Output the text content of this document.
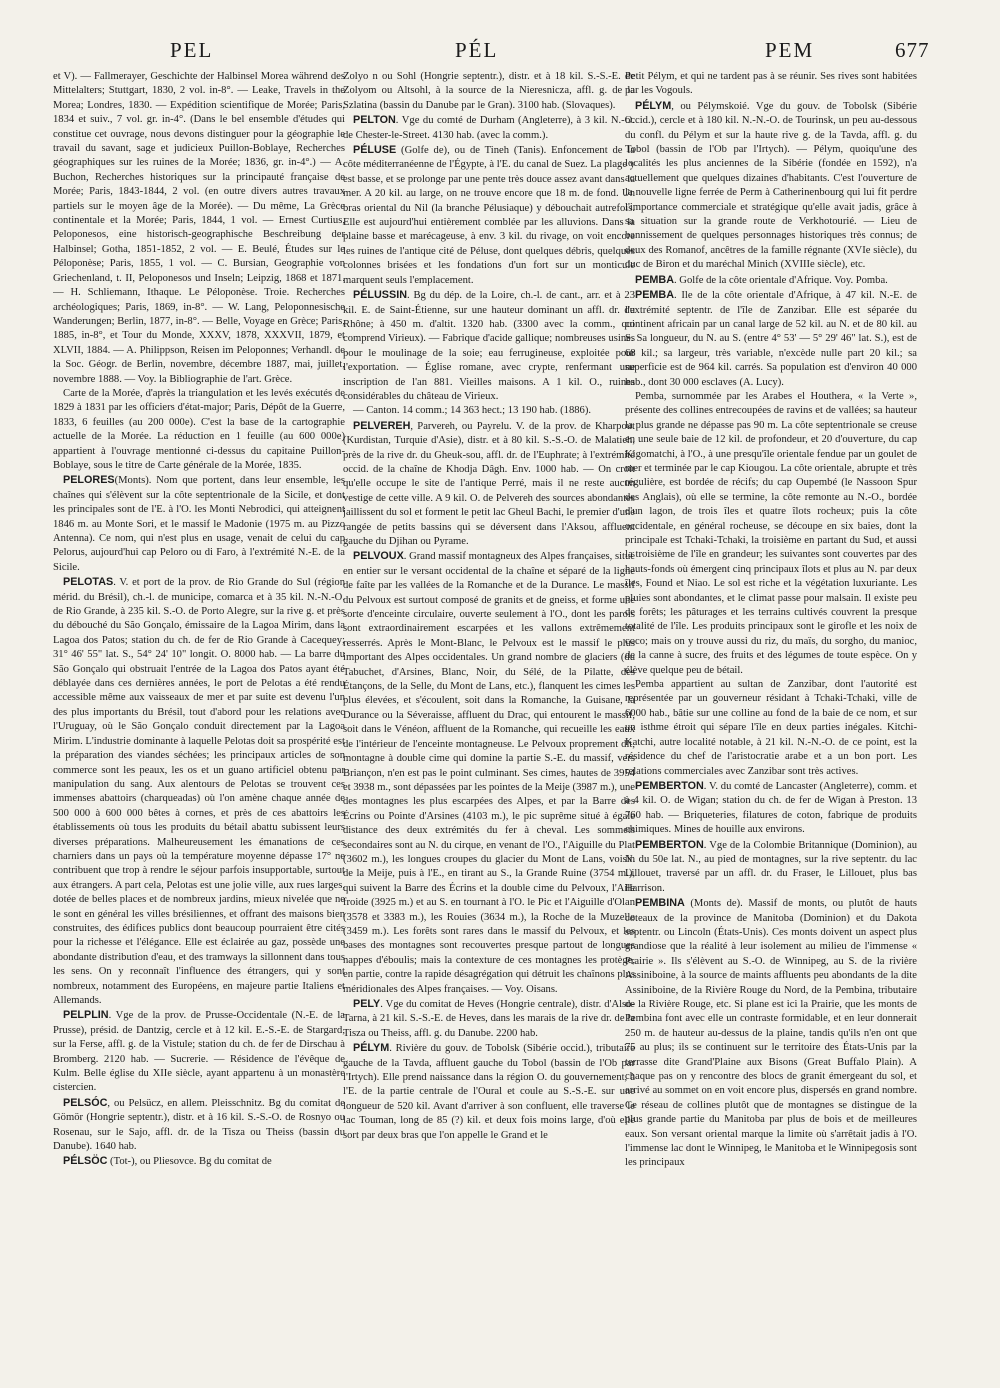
PEL	PÉL	PEM	677

et V). — Fallmerayer, Geschichte der Halbinsel Morea während des Mittelalters; Stuttgart, 1830, 2 vol. in-8°. — Leake, Travels in the Morea; Londres, 1830. — Expédition scientifique de Morée; Paris, 1834 et suiv., 7 vol. gr. in-4°. (Dans le bel ensemble d'études qui constitue cet ouvrage, nous devons distinguer pour la géographie le travail du savant, sage et judicieux Puillon-Boblaye, Recherches géographiques sur les ruines de la Morée; 1836, gr. in-4°.) — A. Buchon, Recherches historiques sur la principauté française de Morée; Paris, 1843-1844, 2 vol. (en outre divers autres travaux partiels sur le moyen âge de la Morée). — Du même, La Grèce continentale et la Morée; Paris, 1844, 1 vol. — Ernest Curtius, Peloponesos, eine historisch-geographische Beschreibung der Halbinsel; Gotha, 1851-1852, 2 vol. — E. Beulé, Études sur le Péloponèse; Paris, 1855, 1 vol. — C. Bursian, Geographie von Griechenland, t. II, Peloponesos und Inseln; Leipzig, 1868 et 1871. — H. Schliemann, Ithaque. Le Péloponèse. Troie. Recherches archéologiques; Paris, 1869, in-8°. — W. Lang, Peloponnesische Wanderungen; Berlin, 1877, in-8°. — Belle, Voyage en Grèce; Paris, 1885, in-8°, et Tour du Monde, XXXV, 1878, XXXVII, 1879, et XLVII, 1884. — A. Philippson, Reisen im Peloponnes; Verhandl. de la Soc. Géogr. de Berlin, novembre, décembre 1887, mai, juillet, novembre 1888. — Voy. la Bibliographie de l'art. Grèce.

Carte de la Morée, d'après la triangulation et les levés exécutés de 1829 à 1831 par les officiers d'état-major; Paris, Dépôt de la Guerre, 1833, 6 feuilles (au 200 000e). C'est la base de la cartographie actuelle de la Morée. La réduction en 1 feuille (au 600 000e) appartient à l'ouvrage mentionné ci-dessus du capitaine Puillon-Boblaye, sous le titre de Carte générale de la Morée, 1835.

PELORES(Monts). Nom que portent, dans leur ensemble, les chaînes qui s'élèvent sur la côte septentrionale de la Sicile, et dont les principales sont de l'E. à l'O. les Monti Nebrodici, qui atteignent 1846 m. au Monte Sori, et le massif le Madonie (1975 m. au Pizzo Antenna). Ce nom, qui n'est plus en usage, venait de celui du cap Pelorus, aujourd'hui cap Peloro ou di Faro, à l'extrémité N.-E. de la Sicile.

PELOTAS. V. et port de la prov. de Rio Grande do Sul (région mérid. du Brésil), ch.-l. de municipe, comarca et à 35 kil. N.-N.-O. de Rio Grande, à 235 kil. S.-O. de Porto Alegre, sur la rive g. et près du débouché du São Gonçalo, émissaire de la Lagoa Mirim, dans la Lagoa dos Patos; station du ch. de fer de Rio Grande à Cacequey; 31° 46' 55" lat. S., 54° 24' 10" longit. O. 8000 hab. — La barre du São Gonçalo qui obstruait l'entrée de la Lagoa dos Patos ayant été déblayée dans ces dernières années, le port de Pelotas a été rendu accessible même aux vaisseaux de mer et par suite est devenu l'un des plus importants du Brésil, tout d'abord pour les relations avec l'Uruguay, où le São Gonçalo conduit directement par la Lagoa Mirim. L'industrie dominante à laquelle Pelotas doit sa prospérité est la préparation des viandes séchées; les principaux articles de son commerce sont les peaux, les os et un guano artificiel obtenu par manipulation du sang. Aux alentours de Pelotas se trouvent ces immenses abattoirs (charqueadas) où l'on amène chaque année de 500 000 à 600 000 bêtes à cornes, et près de ces abattoirs les établissements où tous les produits du bétail abattu subissent leurs diverses préparations. Malheureusement les émanations de ces charniers dans un pays où la température moyenne dépasse 17° ne contribuent que trop à rendre le séjour parfois insupportable, surtout aux étrangers. A part cela, Pelotas est une jolie ville, aux rues larges, dotée de belles places et de nombreux jardins, mieux nivelée que ne le sont en général les villes brésiliennes, et offrant des maisons bien construites, des édifices publics dont beaucoup pourraient être cités pour la richesse et l'élégance. Elle est éclairée au gaz, possède une abondante distribution d'eau, et des tramways la sillonnent dans tous les sens. On y reconnaît l'influence des étrangers, qui y sont nombreux, notamment des Européens, en majeure partie Italiens et Allemands.

PELPLIN. Vge de la prov. de Prusse-Occidentale (N.-E. de la Prusse), présid. de Dantzig, cercle et à 12 kil. E.-S.-E. de Stargard, sur la Ferse, affl. g. de la Vistule; station du ch. de fer de Dirschau à Bromberg. 2120 hab. — Sucrerie. — Résidence de l'évêque de Kulm. Belle église du XIIe siècle, ayant appartenu à un monastère cistercien.

PELSÓC, ou Pelsücz, en allem. Pleisschnitz. Bg du comitat de Gömör (Hongrie septentr.), distr. et à 16 kil. S.-S.-O. de Rosnyo ou Rosenau, sur le Sajo, affl. dr. de la Tisza ou Theiss (bassin du Danube). 1640 hab.

PÉLSÖC (Tot-), ou Pliesovce. Bg du comitat de

Zolyo n ou Sohl (Hongrie septentr.), distr. et à 18 kil. S.-S.-E. de Zolyom ou Altsohl, à la source de la Nieresnicza, affl. g. de la Szlatina (bassin du Danube par le Gran). 3100 hab. (Slovaques).

PELTON. Vge du comté de Durham (Angleterre), à 3 kil. N.-O. de Chester-le-Street. 4130 hab. (avec la comm.).

PÉLUSE (Golfe de), ou de Tineh (Tanis). Enfoncement de la côte méditerranéenne de l'Égypte, à l'E. du canal de Suez. La plage y est basse, et se prolonge par une pente très douce assez avant dans la mer. A 20 kil. au large, on ne trouve encore que 18 m. de fond. Un bras oriental du Nil (la branche Pélusiaque) y débouchait autrefois. Elle est aujourd'hui entièrement comblée par les alluvions. Dans la plaine basse et marécageuse, à env. 3 kil. du rivage, on voit encore les ruines de l'antique cité de Péluse, dont quelques débris, quelques colonnes brisées et les fondations d'un fort sur un monticule marquent seuls l'emplacement.

PÉLUSSIN. Bg du dép. de la Loire, ch.-l. de cant., arr. et à 23 kil. E. de Saint-Étienne, sur une hauteur dominant un affl. dr. du Rhône; à 450 m. d'altit. 1320 hab. (3300 avec la comm., qui comprend Virieux). — Fabrique d'acide gallique; nombreuses usines pour le moulinage de la soie; eau ferrugineuse, exploitée pour l'exportation. — Église romane, avec crypte, renfermant une inscription de l'an 881. Vieilles maisons. A 1 kil. O., ruines considérables du château de Virieux.

— Canton. 14 comm.; 14 363 hect.; 13 190 hab. (1886).

PELVEREH, Parvereh, ou Payrelu. V. de la prov. de Kharpout (Kurdistan, Turquie d'Asie), distr. et à 80 kil. S.-S.-O. de Malatieh, près de la rive dr. du Gheuk-sou, affl. dr. de l'Euphrate; à l'extrémité occid. de la chaîne de Khodja Dâgh. Env. 1000 hab. — On croit qu'elle occupe le site de l'antique Perré, mais il ne reste aucun vestige de cette ville. A 9 kil. O. de Pelvereh des sources abondantes jaillissent du sol et forment le petit lac Gheul Bachi, le premier d'une rangée de petits bassins qui se déversent dans l'Aksou, affluent gauche du Djihan ou Pyrame.

PELVOUX. Grand massif montagneux des Alpes françaises, situé en entier sur le versant occidental de la chaîne et séparé de la ligne de faîte par les vallées de la Romanche et de la Durance. Le massif du Pelvoux est surtout composé de granits et de gneiss, et forme une sorte d'enceinte circulaire, ouverte seulement à l'O., dont les parois sont extraordinairement escarpées et les vallons extrêmement resserrés. Après le Mont-Blanc, le Pelvoux est le massif le plus important des Alpes occidentales. Un grand nombre de glaciers (du Tabuchet, d'Arsines, Blanc, Noir, du Sélé, de la Pilatte, des Étançons, de la Selle, du Mont de Lans, etc.), flanquent les cimes les plus élevées, et s'écoulent, soit dans la Romanche, la Guisane, la Durance ou la Séveraisse, affluent du Drac, qui entourent le massif, soit dans le Vénéon, affluent de la Romanche, qui recueille les eaux de l'intérieur de l'enceinte montagneuse. Le Pelvoux proprement dit, montagne à double cime qui domine la partie S.-E. du massif, vers Briançon, n'en est pas le point culminant. Ses cimes, hautes de 3954 et 3938 m., sont dépassées par les pointes de la Meije (3987 m.), une des montagnes les plus escarpées des Alpes, et par la Barre des Écrins ou Pointe d'Arsines (4103 m.), le pic suprême situé à égale distance des deux extrémités du fer à cheval. Les sommets secondaires sont au N. du cirque, en venant de l'O., l'Aiguille du Plat (3602 m.), les longues croupes du glacier du Mont de Lans, voisin de la Meije, puis à l'E., en tirant au S., la Grande Ruine (3754 m.), qui suivent la Barre des Écrins et la double cime du Pelvoux, l'Aile froide (3925 m.) et au S. en tournant à l'O. le Pic et l'Aiguille d'Olan (3578 et 3383 m.), les Rouies (3634 m.), la Roche de la Muzelle (3459 m.). Les forêts sont rares dans le massif du Pelvoux, et les bases des montagnes sont recouvertes presque partout de longues nappes d'éboulis; mais la contexture de ces montagnes les protège, en partie, contre la rapide désagrégation qui détruit les chaînons plus méridionales des Alpes françaises. — Voy. Oisans.

PELY. Vge du comitat de Heves (Hongrie centrale), distr. d'Also-Tarna, à 21 kil. S.-S.-E. de Heves, dans les marais de la rive dr. de la Tisza ou Theiss, affl. g. du Danube. 2200 hab.

PÉLYM. Rivière du gouv. de Tobolsk (Sibérie occid.), tributaire gauche de la Tavda, affluent gauche du Tobol (bassin de l'Ob par l'Irtych). Elle prend naissance dans la région O. du gouvernement, à l'E. de la partie centrale de l'Oural et coule au S.-S.-E. sur une longueur de 520 kil. Avant d'arriver à son confluent, elle traverse le lac Touman, long de 85 (?) kil. et deux fois moins large, d'où elle sort par deux bras que l'on appelle le Grand et le

Petit Pélym, et qui ne tardent pas à se réunir. Ses rives sont habitées par les Vogouls.

PÉLYM, ou Pélymskoié. Vge du gouv. de Tobolsk (Sibérie occid.), cercle et à 180 kil. N.-N.-O. de Tourinsk, un peu au-dessous du confl. du Pélym et sur la haute rive g. de la Tavda, affl. g. du Tobol (bassin de l'Ob par l'Irtych). — Pélym, quoiqu'une des localités les plus anciennes de la Sibérie (fondée en 1592), n'a actuellement que quelques dizaines d'habitants. C'est l'ouverture de la nouvelle ligne ferrée de Perm à Catherinenbourg qui lui fit perdre l'importance commerciale et stratégique qu'elle avait jadis, grâce à sa situation sur la grande route de Verkhotourié. — Lieu de bannissement de quelques personnages historiques très connus; de deux des Romanof, ancêtres de la famille régnante (XVIe siècle), du duc de Biron et du maréchal Minich (XVIIIe siècle), etc.

PEMBA. Golfe de la côte orientale d'Afrique. Voy. Pomba.

PEMBA. Ile de la côte orientale d'Afrique, à 47 kil. N.-E. de l'extrémité septentr. de l'île de Zanzibar. Elle est séparée du continent africain par un canal large de 52 kil. au N. et de 80 kil. au S. Sa longueur, du N. au S. (entre 4° 53' — 5° 29' 46" lat. S.), est de 68 kil.; sa largeur, très variable, n'excède nulle part 20 kil.; sa superficie est de 964 kil. carrés. Sa population est d'environ 40 000 hab., dont 30 000 esclaves (A. Lucy).

Pemba, surnommée par les Arabes el Houthera, « la Verte », présente des collines entrecoupées de ravins et de vallées; sa hauteur la plus grande ne dépasse pas 90 m. La côte septentrionale se creuse en une seule baie de 12 kil. de profondeur, et 20 d'ouverture, du cap Kigomatchi, à l'O., à une presqu'île orientale fendue par un goulet de mer et terminée par le cap Kiougou. La côte orientale, abrupte et très régulière, est bordée de récifs; du cap Oupembé (le Nassoon Spur des Anglais), où elle se termine, la côte remonte au N.-O., bordée d'un lagon, de trois îles et quatre îlots rocheux; puis la côte occidentale, en général rocheuse, se découpe en six baies, dont la principale est Tchaki-Tchaki, la troisième en partant du Sud, et aussi la troisième de l'île en grandeur; les suivantes sont couvertes par des hauts-fonds où émergent cinq principaux îlots et plus au N. par deux îles, Found et Niao. Le sol est riche et la végétation luxuriante. Les pluies sont abondantes, et le climat passe pour malsain. Il existe peu de forêts; les pâturages et les terrains cultivés couvrent la presque totalité de l'île. Les produits principaux sont le girofle et les noix de coco; mais on y trouve aussi du riz, du maïs, du sorgho, du manioc, de la canne à sucre, des fruits et des légumes de toute espèce. On y élève quelque peu de bétail.

Pemba appartient au sultan de Zanzibar, dont l'autorité est représentée par un gouverneur résidant à Tchaki-Tchaki, ville de 6000 hab., bâtie sur une colline au fond de la baie de ce nom, et sur un isthme étroit qui sépare l'île en deux parties inégales. Kitchi-Katchi, autre localité notable, à 21 kil. N.-N.-O. de ce point, est la résidence du chef de l'aristocratie arabe et a un bon port. Les relations commerciales avec Zanzibar sont très actives.

PEMBERTON. V. du comté de Lancaster (Angleterre), comm. et à 4 kil. O. de Wigan; station du ch. de fer de Wigan à Preston. 13 760 hab. — Briqueteries, filatures de coton, fabrique de produits chimiques. Mines de houille aux environs.

PEMBERTON. Vge de la Colombie Britannique (Dominion), au N. du 50e lat. N., au pied de montagnes, sur la rive septentr. du lac Lillouet, traversé par un affl. dr. du Fraser, le Lillouet, plus bas Harrison.

PEMBINA (Monts de). Massif de monts, ou plutôt de hauts coteaux de la province de Manitoba (Dominion) et du Dakota septentr. ou Lincoln (États-Unis). Ces monts doivent un aspect plus grandiose que la réalité à leur isolement au milieu de l'immense « Prairie ». Ils s'élèvent au S.-O. de Winnipeg, au S. de la rivière Assiniboine, à la source de maints affluents peu abondants de la dite Assiniboine, de la Rivière Rouge du Nord, de la Pembina, tributaire de la Rivière Rouge, etc. Si plane est ici la Prairie, que les monts de Pembina font avec elle un contraste formidable, et en leur donnerait 250 m. de hauteur au-dessus de la plaine, tandis qu'ils n'en ont que 75 au plus; ils se continuent sur le territoire des États-Unis par la terrasse dite Grand'Plaine aux Bisons (Great Buffalo Plain). A chaque pas on y rencontre des blocs de granit émergeant du sol, et arrivé au sommet on en voit encore plus, dispersés en grand nombre. Ce réseau de collines plutôt que de montagnes se distingue de la plus grande partie du Manitoba par plus de bois et de meilleures eaux. Son versant oriental marque la limite où s'arrêtait jadis à l'O. l'immense lac dont le Winnipeg, le Manitoba et le Winnipegosis sont les principaux
